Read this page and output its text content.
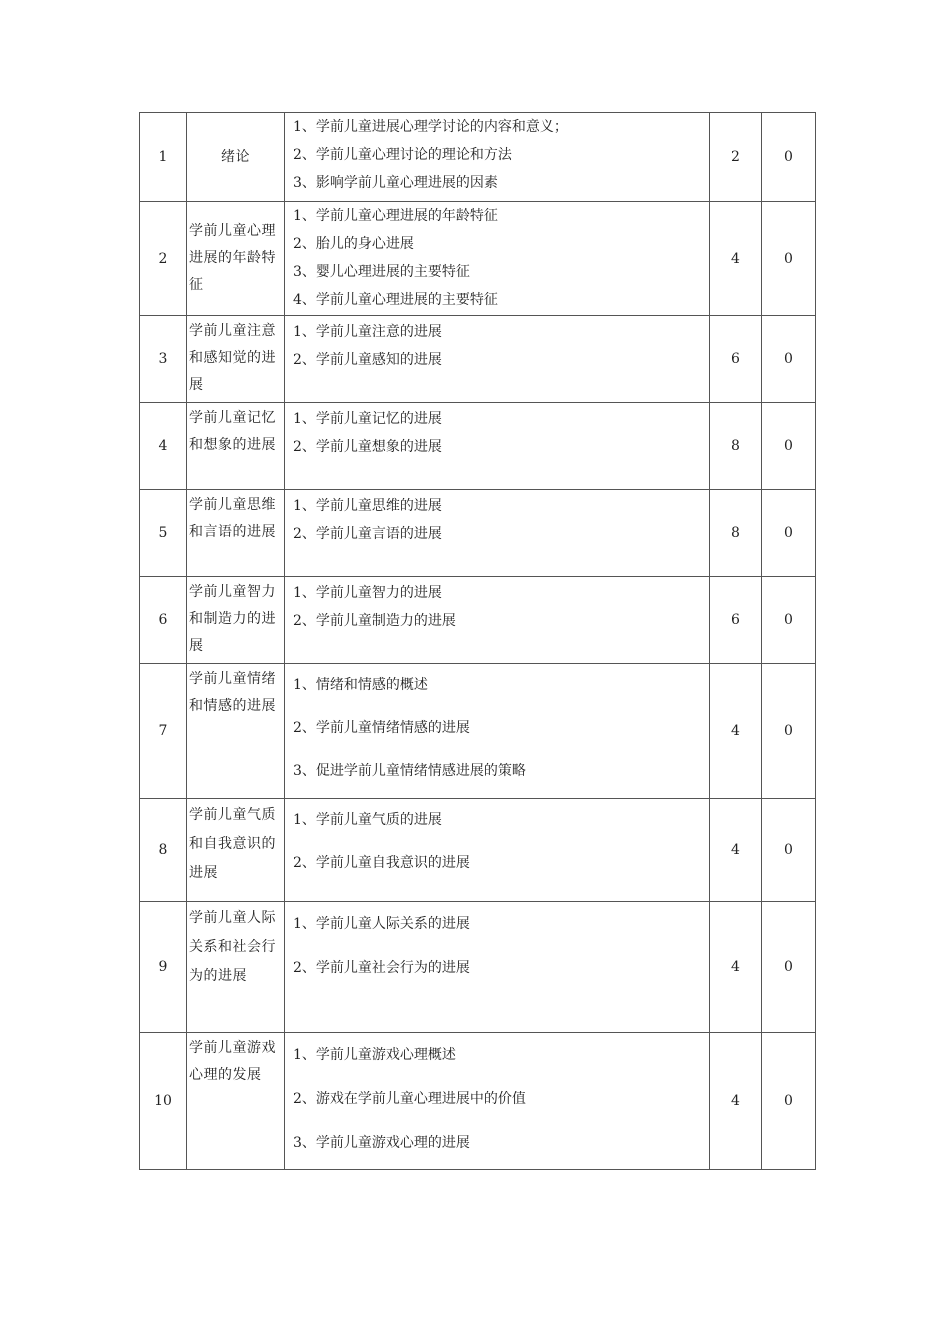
1	绪论	1、学前儿童进展心理学讨论的内容和意义；
2、学前儿童心理讨论的理论和方法
3、影响学前儿童心理进展的因素	2	0
2	学前儿童心理进展的年龄特征	1、学前儿童心理进展的年龄特征
2、胎儿的身心进展
3、婴儿心理进展的主要特征
4、学前儿童心理进展的主要特征	4	0
3	学前儿童注意和感知觉的进展	1、学前儿童注意的进展
2、学前儿童感知的进展	6	0
4	学前儿童记忆和想象的进展	1、学前儿童记忆的进展
2、学前儿童想象的进展	8	0
5	学前儿童思维和言语的进展	1、学前儿童思维的进展
2、学前儿童言语的进展	8	0
6	学前儿童智力和制造力的进展	1、学前儿童智力的进展
2、学前儿童制造力的进展	6	0
7	学前儿童情绪和情感的进展	1、情绪和情感的概述
2、学前儿童情绪情感的进展
3、促进学前儿童情绪情感进展的策略	4	0
8	学前儿童气质和自我意识的进展	1、学前儿童气质的进展
2、学前儿童自我意识的进展	4	0
9	学前儿童人际关系和社会行为的进展	1、学前儿童人际关系的进展
2、学前儿童社会行为的进展	4	0
10	学前儿童游戏心理的发展	1、学前儿童游戏心理概述
2、游戏在学前儿童心理进展中的价值
3、学前儿童游戏心理的进展	4	0
